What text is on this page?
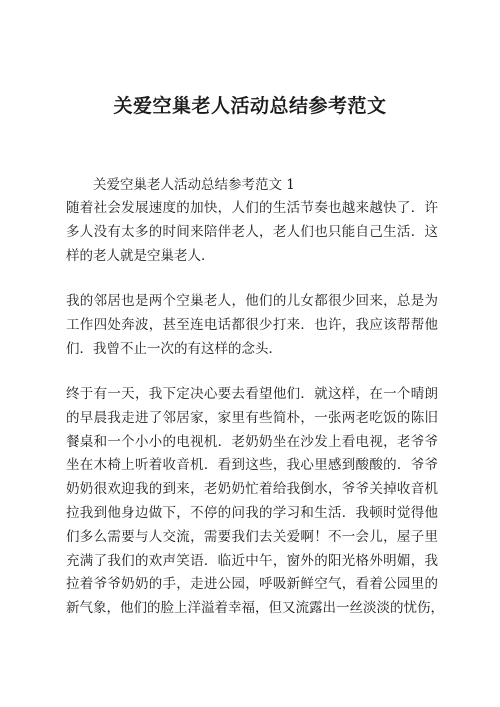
关爱空巢老人活动总结参考范文
关爱空巢老人活动总结参考范文 1
随着社会发展速度的加快，人们的生活节奏也越来越快了．许
多人没有太多的时间来陪伴老人，老人们也只能自己生活．这
样的老人就是空巢老人．
我的邻居也是两个空巢老人，他们的儿女都很少回来，总是为
工作四处奔波，甚至连电话都很少打来．也许，我应该帮帮他
们．我曾不止一次的有这样的念头．
终于有一天，我下定决心要去看望他们．就这样，在一个晴朗
的早晨我走进了邻居家，家里有些简朴，一张两老吃饭的陈旧
餐桌和一个小小的电视机．老奶奶坐在沙发上看电视，老爷爷
坐在木椅上听着收音机．看到这些，我心里感到酸酸的．爷爷
奶奶很欢迎我的到来，老奶奶忙着给我倒水，爷爷关掉收音机
拉我到他身边做下，不停的问我的学习和生活．我顿时觉得他
们多么需要与人交流，需要我们去关爱啊！不一会儿，屋子里
充满了我们的欢声笑语．临近中午，窗外的阳光格外明媚，我
拉着爷爷奶奶的手，走进公园，呼吸新鲜空气，看着公园里的
新气象，他们的脸上洋溢着幸福，但又流露出一丝淡淡的忧伤，
